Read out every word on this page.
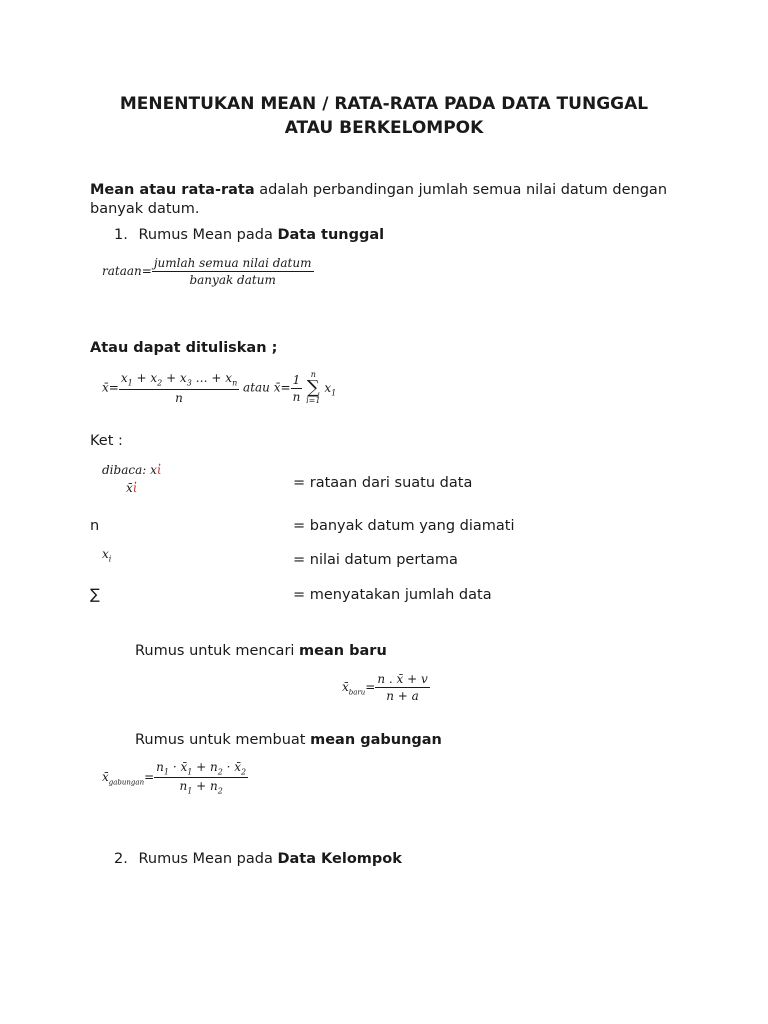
MENENTUKAN MEAN / RATA-RATA PADA DATA TUNGGAL
ATAU BERKELOMPOK
Mean atau rata-rata adalah perbandingan jumlah semua nilai datum dengan
banyak datum.
1. Rumus Mean pada Data tunggal
rataan= $\frac{\text{jumlah semua nilai datum}}{\text{banyak datum}}$
Atau dapat dituliskan ;
x̄= $\frac{x_1 + x_2 + x_3 \dots + x_n}{n}$ atau x̄= $\frac{1}{n}$
	n
∑
i=1
$x_1$
Ket :
dibaca: xἰ
x̄ἰ	= rataan dari suatu data
n	= banyak datum yang diamati
$x_i$	= nilai datum pertama
∑	= menyatakan jumlah data
Rumus untuk mencari mean baru
$x̄_{baru}= \frac{n . x̄ + v}{n + a}$
Rumus untuk membuat mean gabungan
$x̄_{gabungan}= \frac{n_1 \cdot x̄_1 + n_2 \cdot x̄_2}{n_1 + n_2}$
2. Rumus Mean pada Data Kelompok
